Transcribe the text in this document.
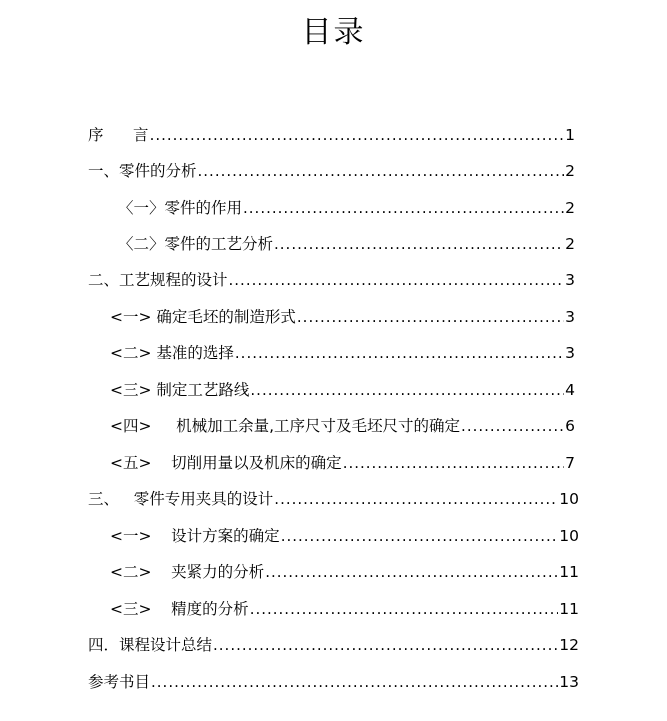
目录
序      言 .....	1
一、零件的分析 .....	2
〈一〉零件的作用 .....	2
〈二〉零件的工艺分析 .....	2
二、工艺规程的设计 .....	3
<一> 确定毛坯的制造形式 .....	3
<二> 基准的选择 .....	3
<三> 制定工艺路线 .....	4
<四>     机械加工余量,工序尺寸及毛坯尺寸的确定 .....	6
<五>    切削用量以及机床的确定 .....	7
三、   零件专用夹具的设计 .....	10
<一>    设计方案的确定 .....	10
<二>    夹紧力的分析 .....	11
<三>    精度的分析 .....	11
四．课程设计总结 .....	12
参考书目 .....	13
